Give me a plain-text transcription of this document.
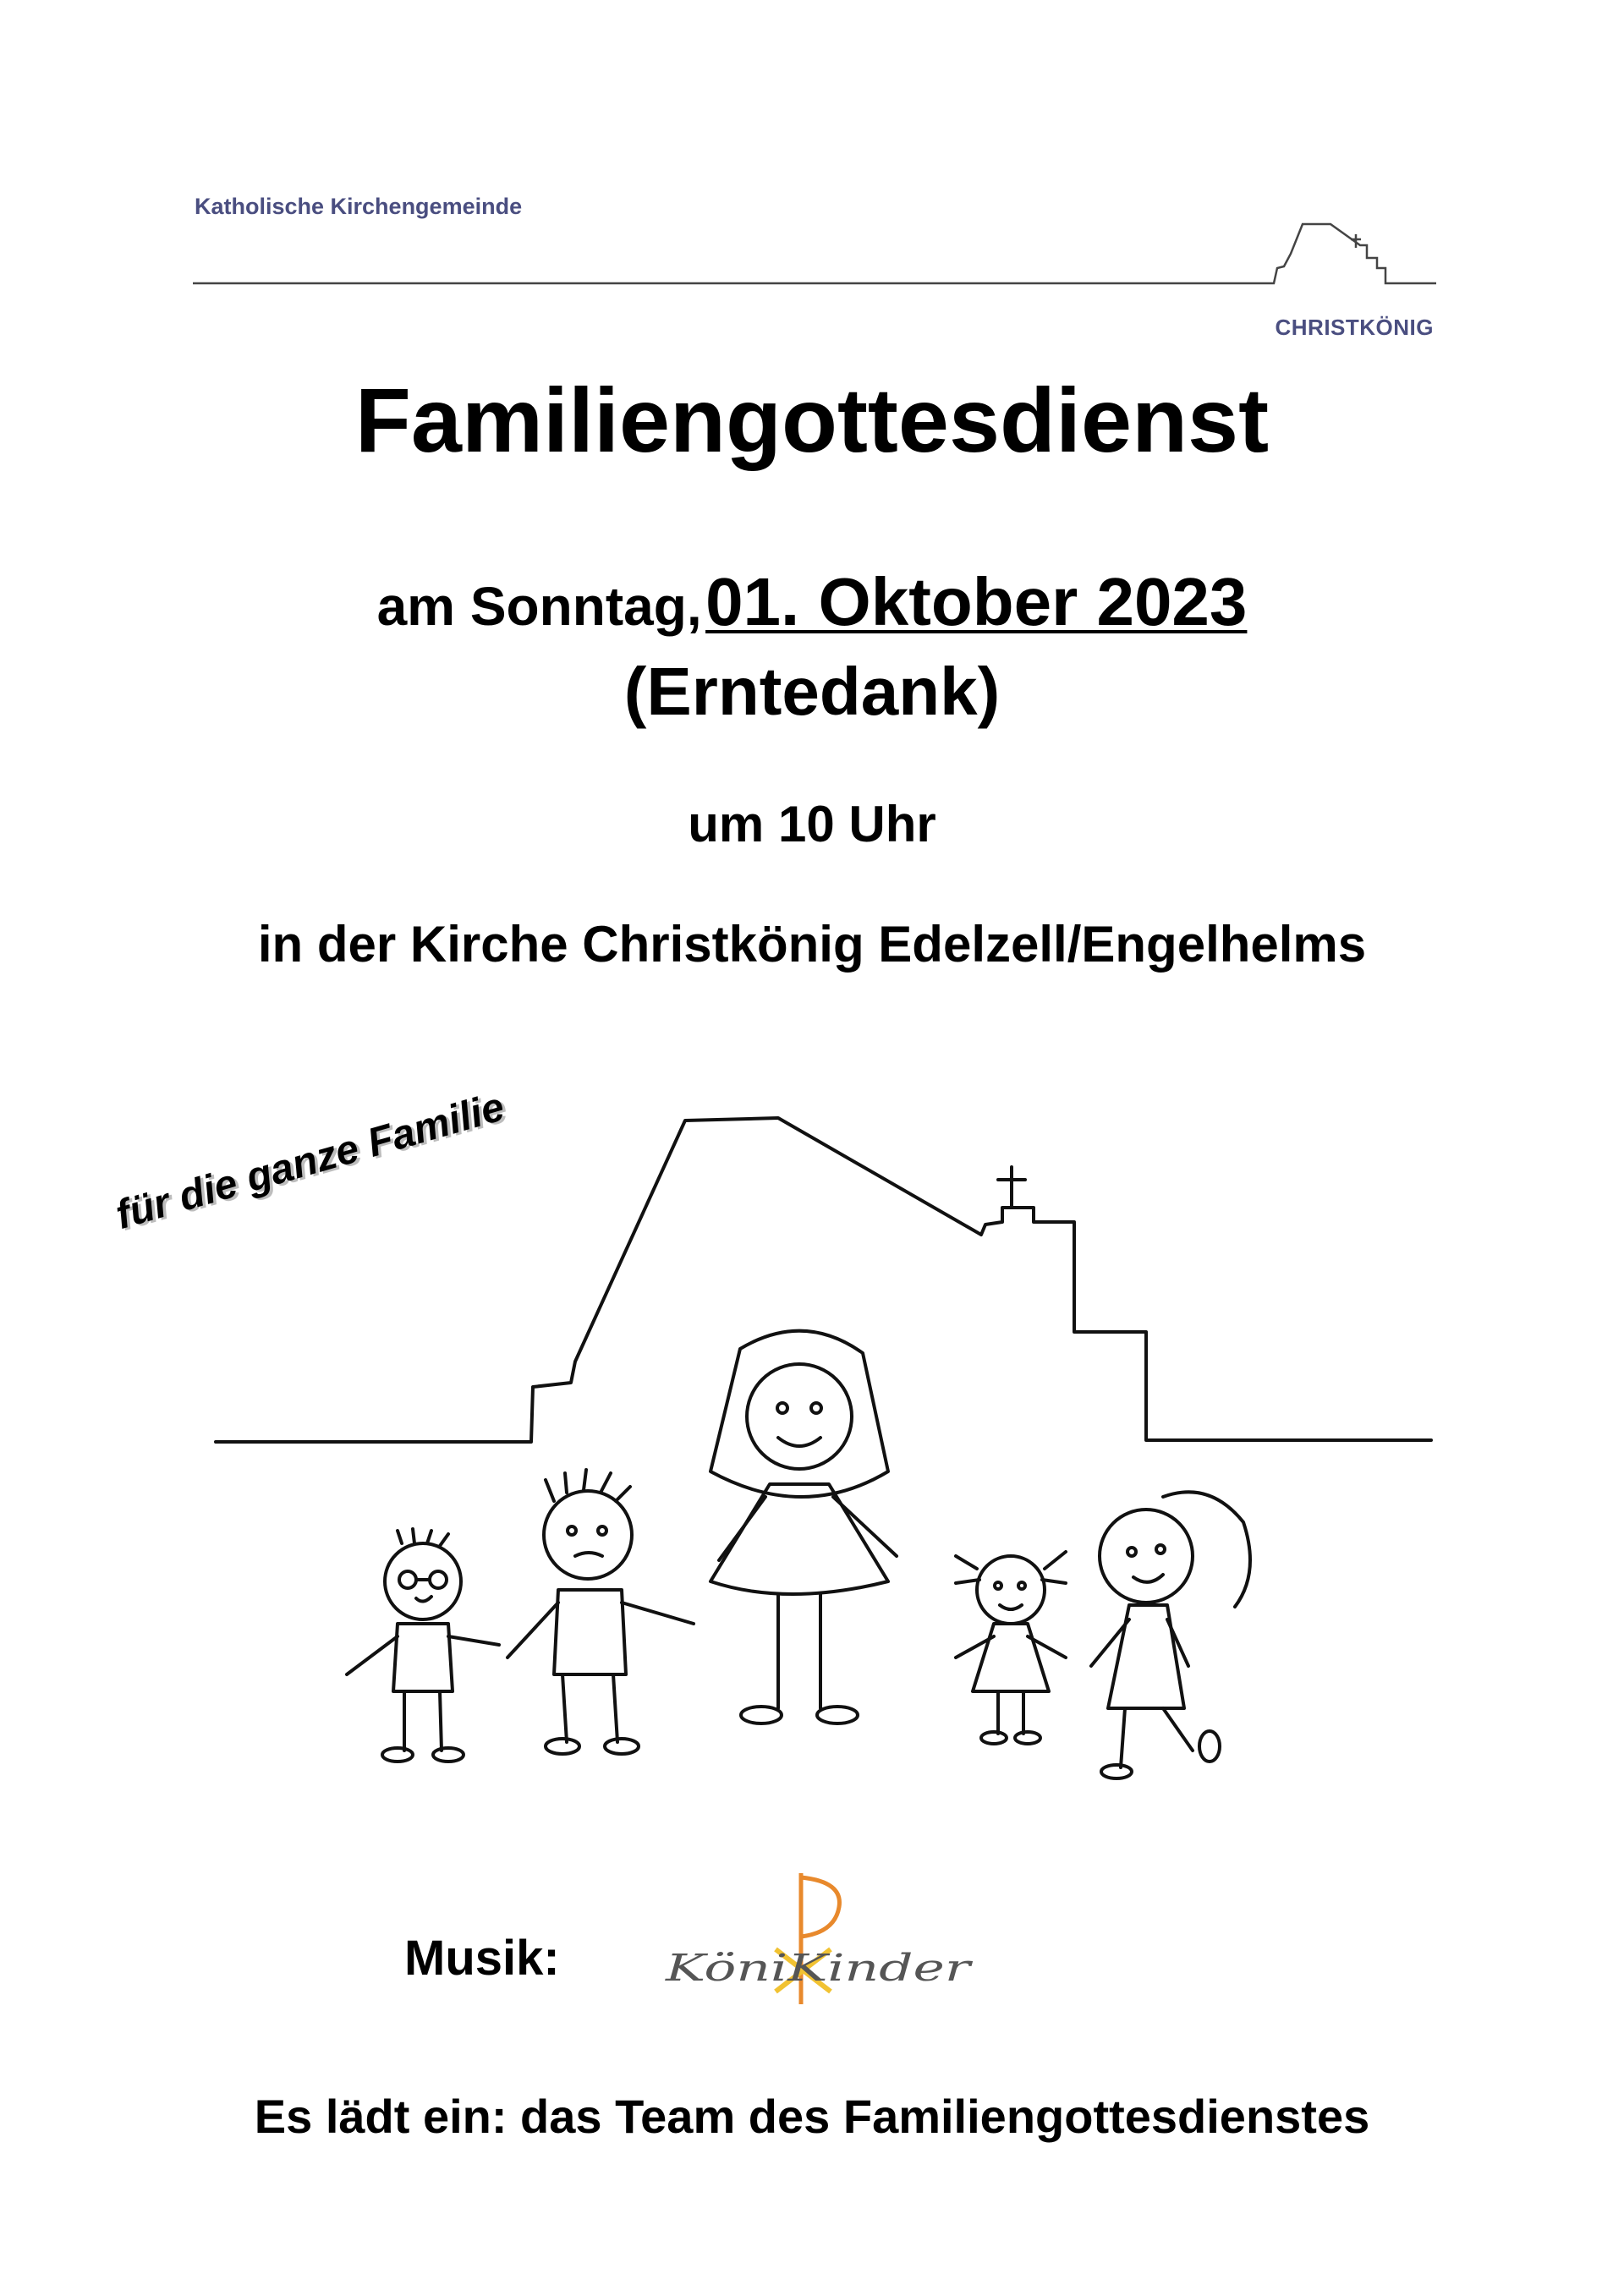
Katholische Kirchengemeinde

CHRISTKÖNIG

Familiengottesdienst

am Sonntag, 01. Oktober 2023

(Erntedank)

um 10 Uhr

in der Kirche Christkönig Edelzell/Engelhelms

für die ganze Familie

Musik:	KöniKinder

Es lädt ein: das Team des Familiengottesdienstes
